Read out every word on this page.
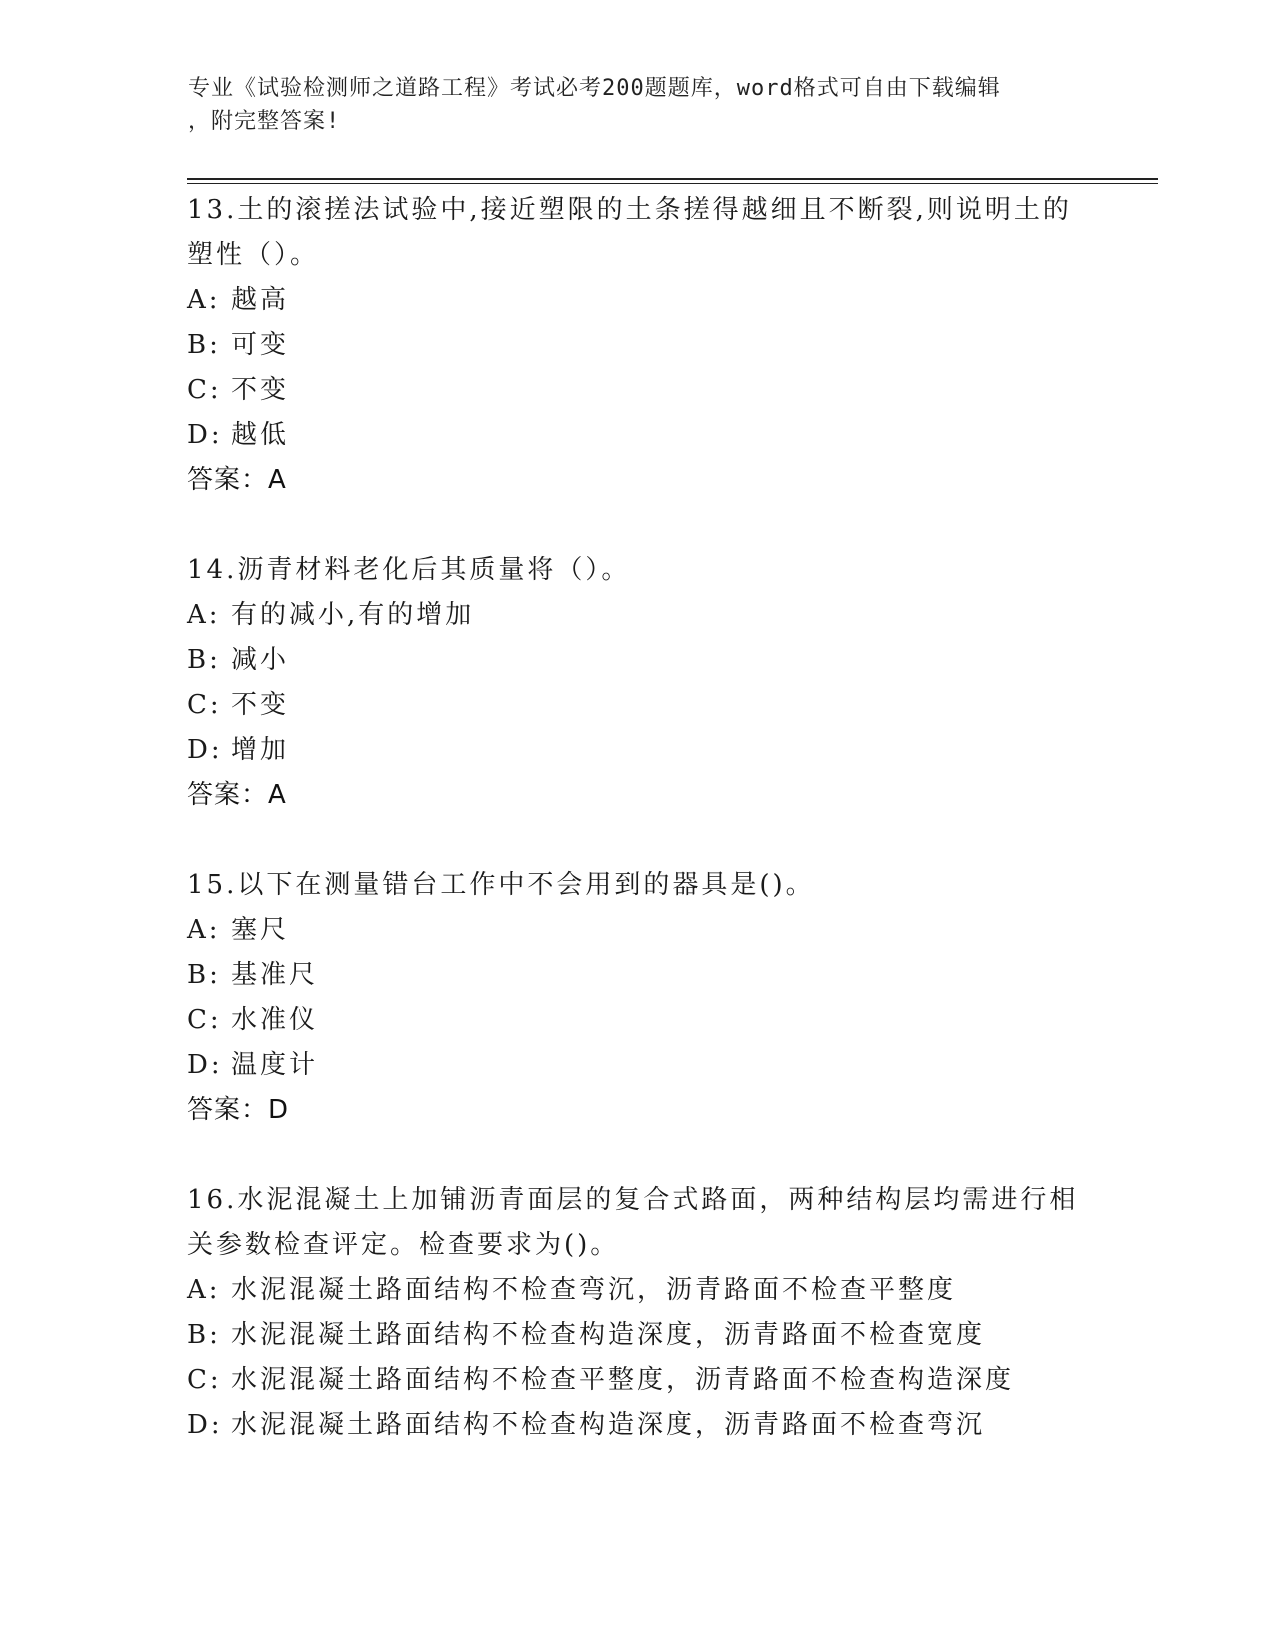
专业《试验检测师之道路工程》考试必考200题题库，word格式可自由下载编辑
，附完整答案!
13.土的滚搓法试验中,接近塑限的土条搓得越细且不断裂,则说明土的塑性（）。
A: 越高
B: 可变
C: 不变
D: 越低
答案：A
14.沥青材料老化后其质量将（）。
A: 有的减小,有的增加
B: 减小
C: 不变
D: 增加
答案：A
15.以下在测量错台工作中不会用到的器具是()。
A: 塞尺
B: 基准尺
C: 水准仪
D: 温度计
答案：D
16.水泥混凝土上加铺沥青面层的复合式路面，两种结构层均需进行相关参数检查评定。检查要求为()。
A: 水泥混凝土路面结构不检查弯沉，沥青路面不检查平整度
B: 水泥混凝土路面结构不检查构造深度，沥青路面不检查宽度
C: 水泥混凝土路面结构不检查平整度，沥青路面不检查构造深度
D: 水泥混凝土路面结构不检查构造深度，沥青路面不检查弯沉
